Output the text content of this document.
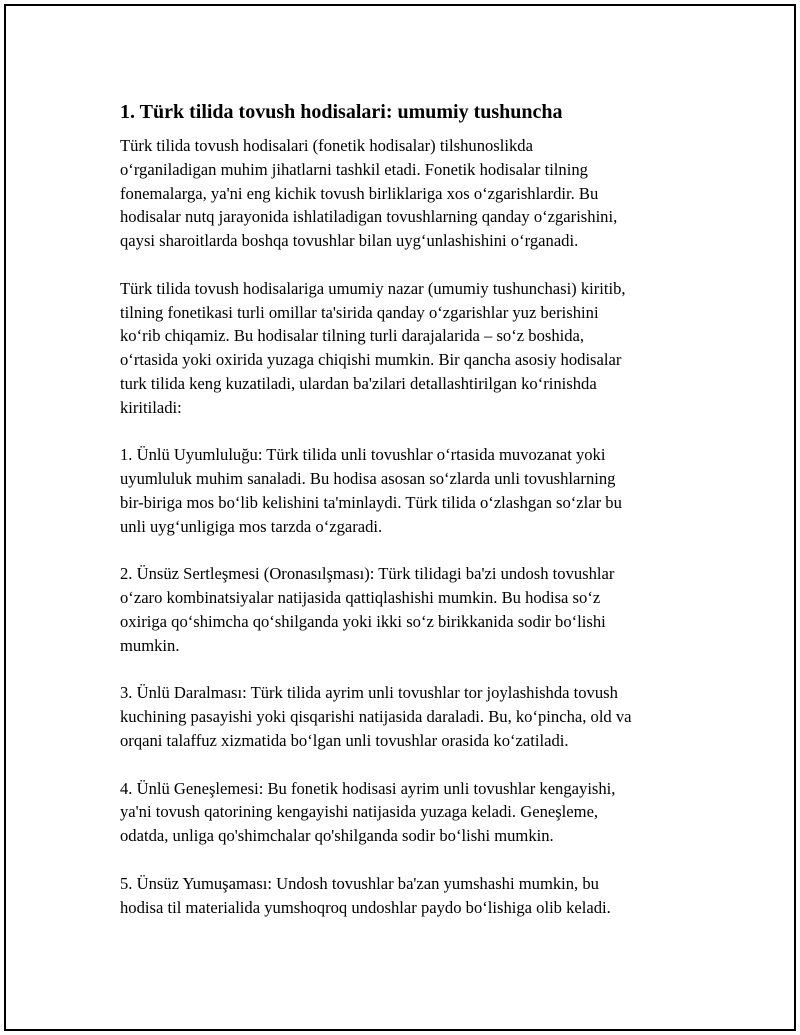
1. Türk tilida tovush hodisalari: umumiy tushuncha

Türk tilida tovush hodisalari (fonetik hodisalar) tilshunoslikda
oʻrganiladigan muhim jihatlarni tashkil etadi. Fonetik hodisalar tilning
fonemalarga, ya'ni eng kichik tovush birliklariga xos oʻzgarishlardir. Bu
hodisalar nutq jarayonida ishlatiladigan tovushlarning qanday oʻzgarishini,
qaysi sharoitlarda boshqa tovushlar bilan uygʻunlashishini oʻrganadi.

Türk tilida tovush hodisalariga umumiy nazar (umumiy tushunchasi) kiritib,
tilning fonetikasi turli omillar ta'sirida qanday oʻzgarishlar yuz berishini
koʻrib chiqamiz. Bu hodisalar tilning turli darajalarida – soʻz boshida,
oʻrtasida yoki oxirida yuzaga chiqishi mumkin. Bir qancha asosiy hodisalar
turk tilida keng kuzatiladi, ulardan ba'zilari detallashtirilgan koʻrinishda
kiritiladi:

1. Ünlü Uyumluluğu: Türk tilida unli tovushlar oʻrtasida muvozanat yoki
uyumluluk muhim sanaladi. Bu hodisa asosan soʻzlarda unli tovushlarning
bir-biriga mos boʻlib kelishini ta'minlaydi. Türk tilida oʻzlashgan soʻzlar bu
unli uygʻunligiga mos tarzda oʻzgaradi.

2. Ünsüz Sertleşmesi (Oronasılşması): Türk tilidagi ba'zi undosh tovushlar
oʻzaro kombinatsiyalar natijasida qattiqlashishi mumkin. Bu hodisa soʻz
oxiriga qoʻshimcha qoʻshilganda yoki ikki soʻz birikkanida sodir boʻlishi
mumkin.

3. Ünlü Daralması: Türk tilida ayrim unli tovushlar tor joylashishda tovush
kuchining pasayishi yoki qisqarishi natijasida daraladi. Bu, koʻpincha, old va
orqani talaffuz xizmatida boʻlgan unli tovushlar orasida koʻzatiladi.

4. Ünlü Geneşlemesi: Bu fonetik hodisasi ayrim unli tovushlar kengayishi,
ya'ni tovush qatorining kengayishi natijasida yuzaga keladi. Geneşleme,
odatda, unliga qo'shimchalar qo'shilganda sodir boʻlishi mumkin.

5. Ünsüz Yumuşaması: Undosh tovushlar ba'zan yumshashi mumkin, bu
hodisa til materialida yumshoqroq undoshlar paydo boʻlishiga olib keladi.
